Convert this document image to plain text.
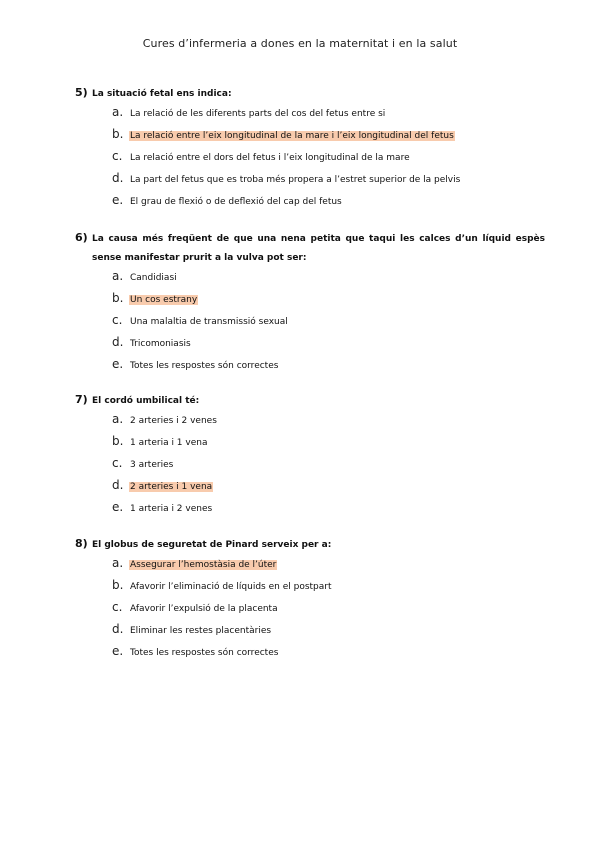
Cures d’infermeria a dones en la maternitat i en la salut
5) La situació fetal ens indica:
a. La relació de les diferents parts del cos del fetus entre si
b. La relació entre l’eix longitudinal de la mare i l’eix longitudinal del fetus
c. La relació entre el dors del fetus i l’eix longitudinal de la mare
d. La part del fetus que es troba més propera a l’estret superior de la pelvis
e. El grau de flexió o de deflexió del cap del fetus
6) La causa més freqüent de que una nena petita que taqui les calces d’un líquid espès sense manifestar prurit a la vulva pot ser:
a. Candidiasi
b. Un cos estrany
c. Una malaltia de transmissió sexual
d. Tricomoniasis
e. Totes les respostes són correctes
7) El cordó umbilical té:
a. 2 arteries i 2 venes
b. 1 arteria i 1 vena
c. 3 arteries
d. 2 arteries i 1 vena
e. 1 arteria i 2 venes
8) El globus de seguretat de Pinard serveix per a:
a. Assegurar l’hemostàsia de l’úter
b. Afavorir l’eliminació de líquids en el postpart
c. Afavorir l’expulsió de la placenta
d. Eliminar les restes placentàries
e. Totes les respostes són correctes
